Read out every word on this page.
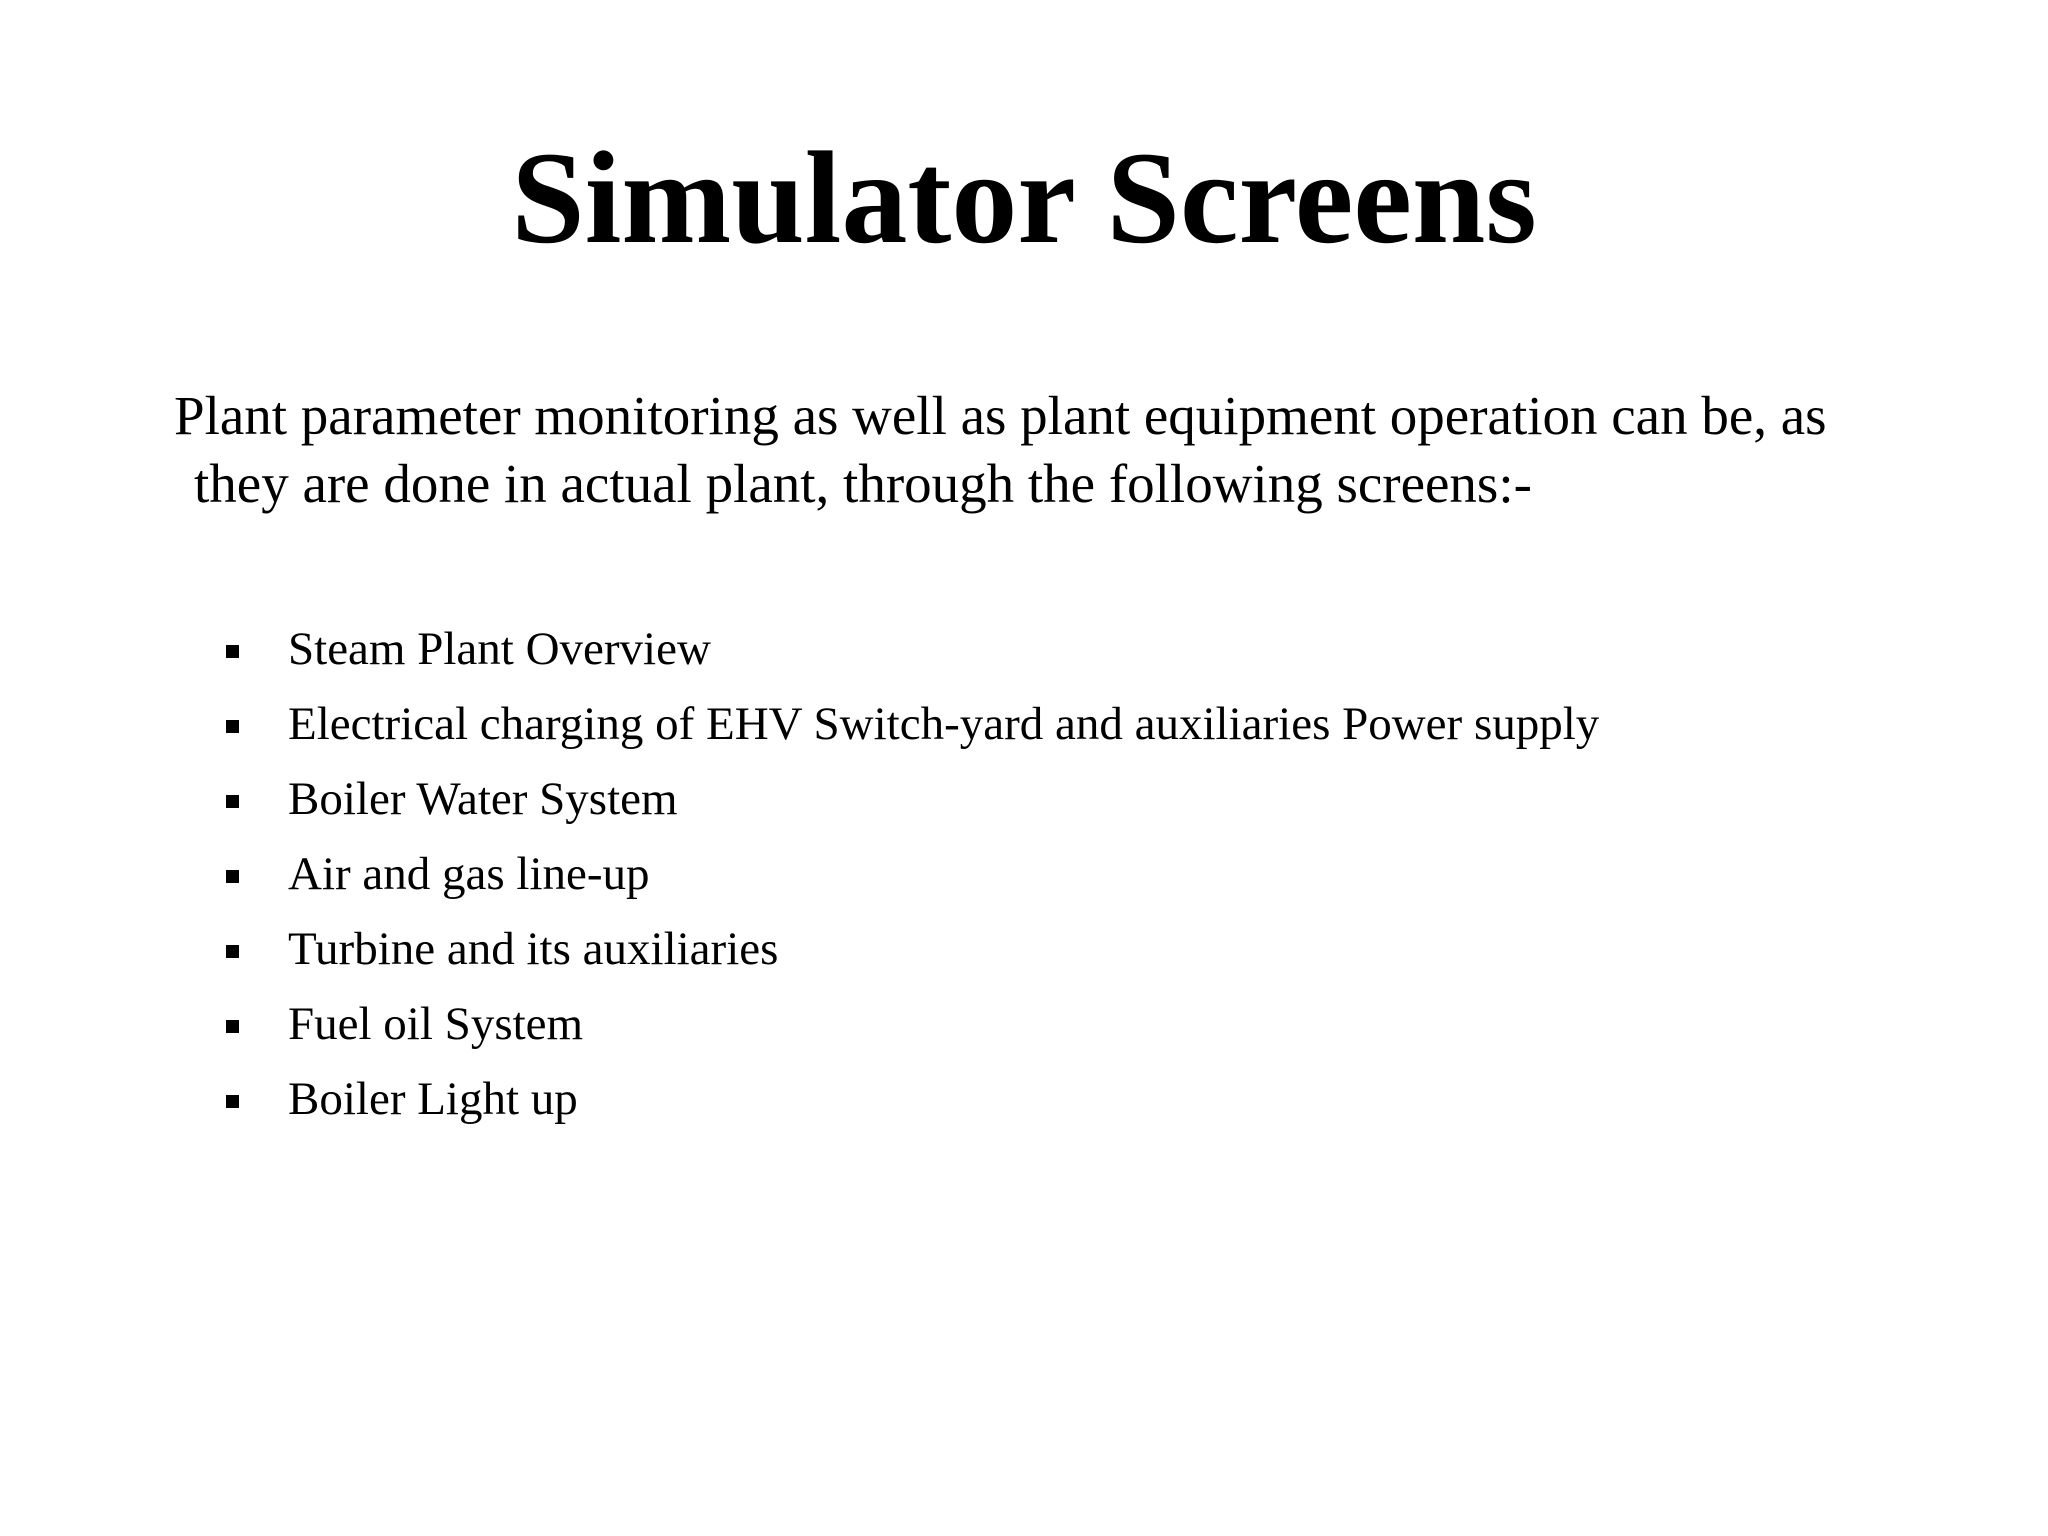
Simulator Screens
Plant parameter monitoring as well as plant equipment operation can be, as
they are done in actual plant, through the following screens:-
Steam Plant Overview
Electrical charging of EHV Switch-yard and auxiliaries Power supply
Boiler Water System
Air and gas line-up
Turbine and its auxiliaries
Fuel oil System
Boiler Light up
